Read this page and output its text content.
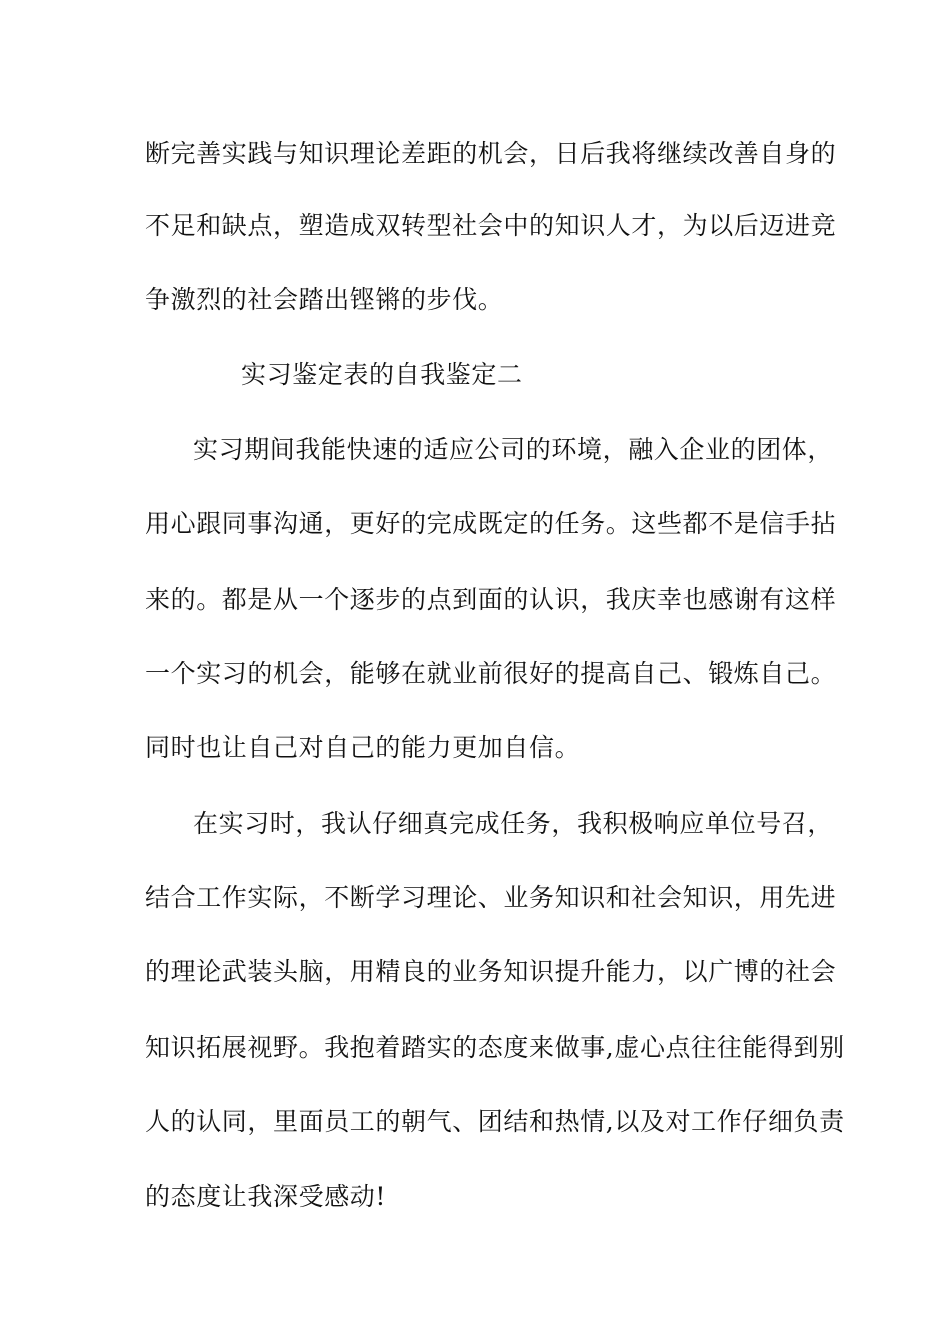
断完善实践与知识理论差距的机会，日后我将继续改善自身的
不足和缺点，塑造成双转型社会中的知识人才，为以后迈进竞
争激烈的社会踏出铿锵的步伐。
实习鉴定表的自我鉴定二
实习期间我能快速的适应公司的环境，融入企业的团体，
用心跟同事沟通，更好的完成既定的任务。这些都不是信手拈
来的。都是从一个逐步的点到面的认识，我庆幸也感谢有这样
一个实习的机会，能够在就业前很好的提高自己、锻炼自己。
同时也让自己对自己的能力更加自信。
在实习时，我认仔细真完成任务，我积极响应单位号召，
结合工作实际，不断学习理论、业务知识和社会知识，用先进
的理论武装头脑，用精良的业务知识提升能力，以广博的社会
知识拓展视野。我抱着踏实的态度来做事,虚心点往往能得到别
人的认同，里面员工的朝气、团结和热情,以及对工作仔细负责
的态度让我深受感动!
